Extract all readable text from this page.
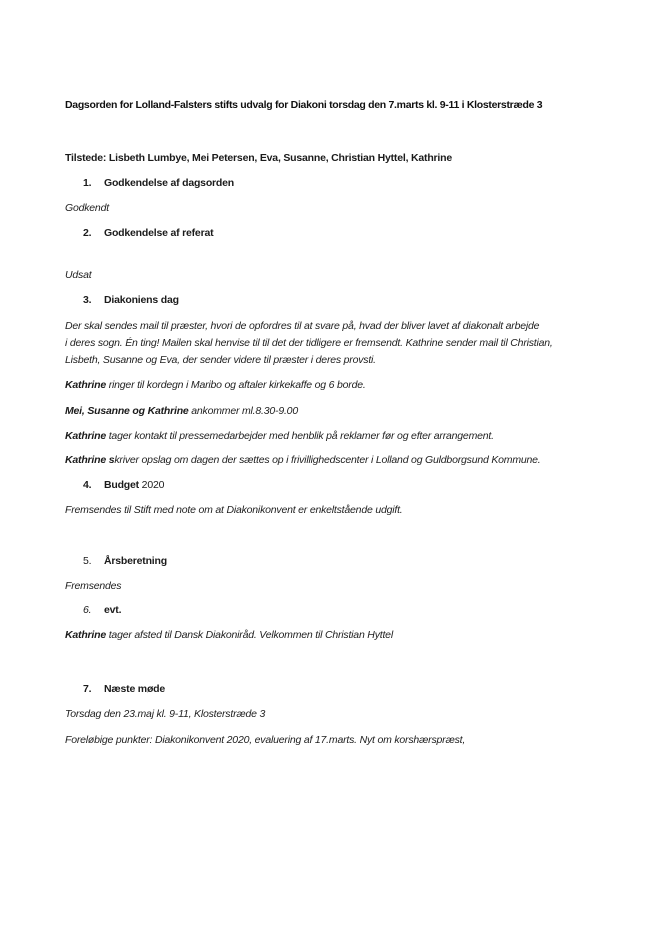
Dagsorden for Lolland-Falsters stifts udvalg for Diakoni torsdag den 7.marts kl. 9-11 i Klosterstræde 3
Tilstede: Lisbeth Lumbye, Mei Petersen, Eva, Susanne, Christian Hyttel, Kathrine
1.	Godkendelse af dagsorden
Godkendt
2.	Godkendelse af referat
Udsat
3.	Diakoniens dag
Der skal sendes mail til præster, hvori de opfordres til at svare på, hvad der bliver lavet af diakonalt arbejde
i deres sogn. Én ting! Mailen skal henvise til til det der tidligere er fremsendt. Kathrine sender mail til Christian,
Lisbeth, Susanne og Eva, der sender videre til præster i deres provsti.
Kathrine ringer til kordegn i Maribo og aftaler kirkekaffe og 6 borde.
Mei, Susanne og Kathrine ankommer ml.8.30-9.00
Kathrine tager kontakt til pressemedarbejder med henblik på reklamer før og efter arrangement.
Kathrine skriver opslag om dagen der sættes op i frivillighedscenter i Lolland og Guldborgsund Kommune.
4.	Budget 2020
Fremsendes til Stift med note om at Diakonikonvent er enkeltstående udgift.
5.	Årsberetning
Fremsendes
6.	evt.
Kathrine tager afsted til Dansk Diakoniråd. Velkommen til Christian Hyttel
7.	Næste møde
Torsdag den 23.maj kl. 9-11, Klosterstræde 3
Foreløbige punkter: Diakonikonvent 2020, evaluering af 17.marts. Nyt om korshærspræst,
